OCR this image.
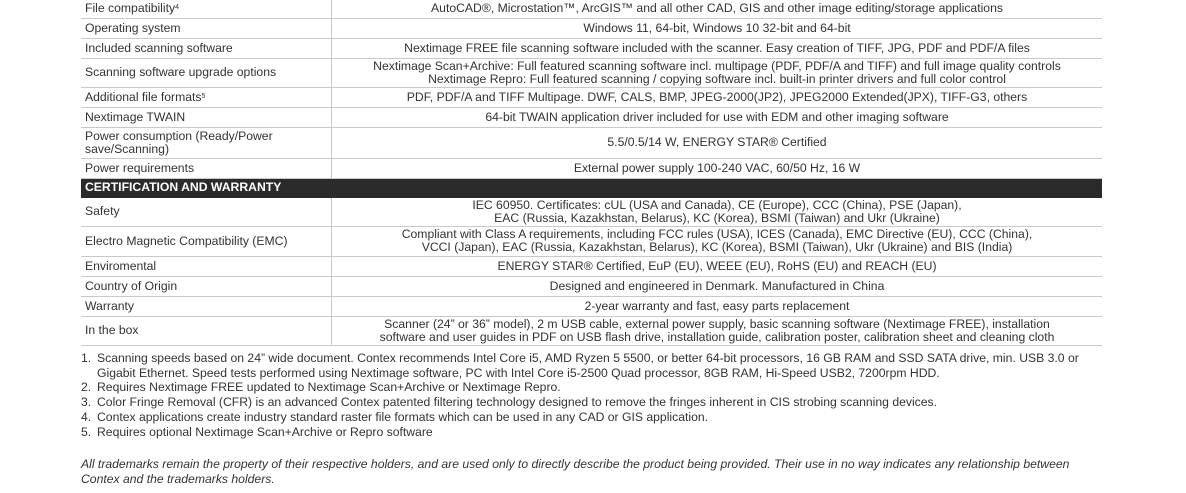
File compatibility$^4$	AutoCAD®, Microstation™, ArcGIS™ and all other CAD, GIS and other image editing/storage applications

Operating system	Windows 11, 64-bit, Windows 10 32-bit and 64-bit

Included scanning software	Nextimage FREE file scanning software included with the scanner. Easy creation of TIFF, JPG, PDF and PDF/A files

Scanning software upgrade options	Nextimage Scan+Archive: Full featured scanning software incl. multipage (PDF, PDF/A and TIFF) and full image quality controls
Nextimage Repro: Full featured scanning / copying software incl. built-in printer drivers and full color control

Additional file formats$^5$	PDF, PDF/A and TIFF Multipage. DWF, CALS, BMP, JPEG-2000(JP2), JPEG2000 Extended(JPX), TIFF-G3, others

Nextimage TWAIN	64-bit TWAIN application driver included for use with EDM and other imaging software

Power consumption (Ready/Power save/Scanning)	5.5/0.5/14 W, ENERGY STAR® Certified

Power requirements	External power supply 100-240 VAC, 60/50 Hz, 16 W

CERTIFICATION AND WARRANTY	
Safety	IEC 60950. Certificates: cUL (USA and Canada), CE (Europe), CCC (China), PSE (Japan),
EAC (Russia, Kazakhstan, Belarus), KC (Korea), BSMI (Taiwan) and Ukr (Ukraine)

Electro Magnetic Compatibility (EMC)	Compliant with Class A requirements, including FCC rules (USA), ICES (Canada), EMC Directive (EU), CCC (China),
VCCI (Japan), EAC (Russia, Kazakhstan, Belarus), KC (Korea), BSMI (Taiwan), Ukr (Ukraine) and BIS (India)

Enviromental	ENERGY STAR® Certified, EuP (EU), WEEE (EU), RoHS (EU) and REACH (EU)

Country of Origin	Designed and engineered in Denmark. Manufactured in China

Warranty	2-year warranty and fast, easy parts replacement

In the box	Scanner (24” or 36” model), 2 m USB cable, external power supply, basic scanning software (Nextimage FREE), installation
software and user guides in PDF on USB flash drive, installation guide, calibration poster, calibration sheet and cleaning cloth
1. Scanning speeds based on 24” wide document. Contex recommends Intel Core i5, AMD Ryzen 5 5500, or better 64-bit processors, 16 GB RAM and SSD SATA drive, min. USB 3.0 or Gigabit Ethernet. Speed tests performed using Nextimage software, PC with Intel Core i5-2500 Quad processor, 8GB RAM, Hi-Speed USB2, 7200rpm HDD.
2. Requires Nextimage FREE updated to Nextimage Scan+Archive or Nextimage Repro.
3. Color Fringe Removal (CFR) is an advanced Contex patented filtering technology designed to remove the fringes inherent in CIS strobing scanning devices.
4. Contex applications create industry standard raster file formats which can be used in any CAD or GIS application.
5. Requires optional Nextimage Scan+Archive or Repro software
All trademarks remain the property of their respective holders, and are used only to directly describe the product being provided. Their use in no way indicates any relationship between Contex and the trademarks holders.
